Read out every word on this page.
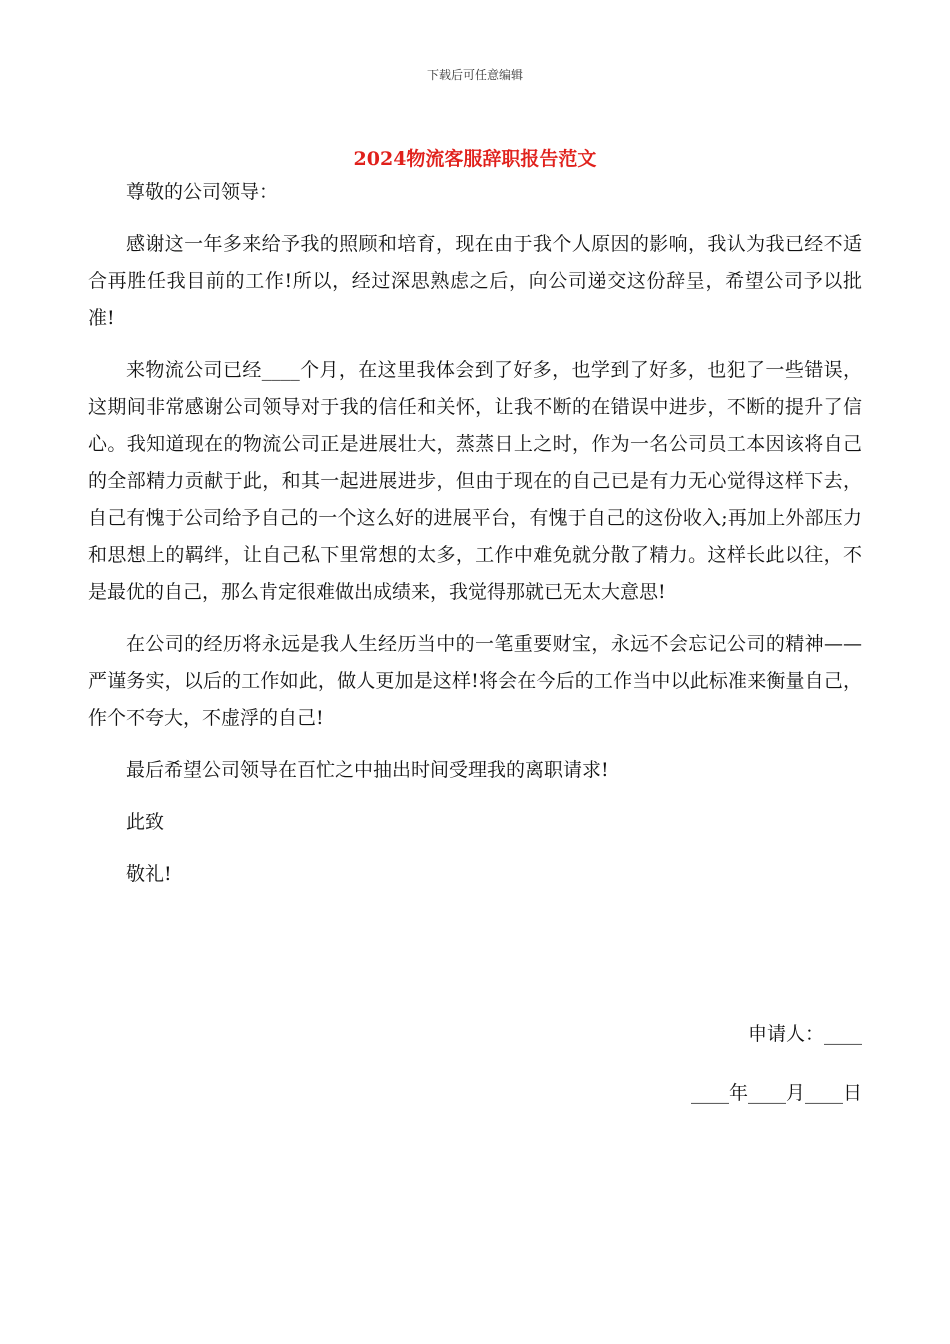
下载后可任意编辑

2024物流客服辞职报告范文

尊敬的公司领导：

感谢这一年多来给予我的照顾和培育，现在由于我个人原因的影响，我认为我已经不适合再胜任我目前的工作!所以，经过深思熟虑之后，向公司递交这份辞呈，希望公司予以批准!

来物流公司已经____个月，在这里我体会到了好多，也学到了好多，也犯了一些错误，这期间非常感谢公司领导对于我的信任和关怀，让我不断的在错误中进步，不断的提升了信心。我知道现在的物流公司正是进展壮大，蒸蒸日上之时，作为一名公司员工本因该将自己的全部精力贡献于此，和其一起进展进步，但由于现在的自己已是有力无心觉得这样下去，自己有愧于公司给予自己的一个这么好的进展平台，有愧于自己的这份收入;再加上外部压力和思想上的羁绊，让自己私下里常想的太多，工作中难免就分散了精力。这样长此以往，不是最优的自己，那么肯定很难做出成绩来，我觉得那就已无太大意思!

在公司的经历将永远是我人生经历当中的一笔重要财宝，永远不会忘记公司的精神——严谨务实，以后的工作如此，做人更加是这样!将会在今后的工作当中以此标准来衡量自己，作个不夸大，不虚浮的自己!

最后希望公司领导在百忙之中抽出时间受理我的离职请求!

此致

敬礼!

申请人：____

____年____月____日
